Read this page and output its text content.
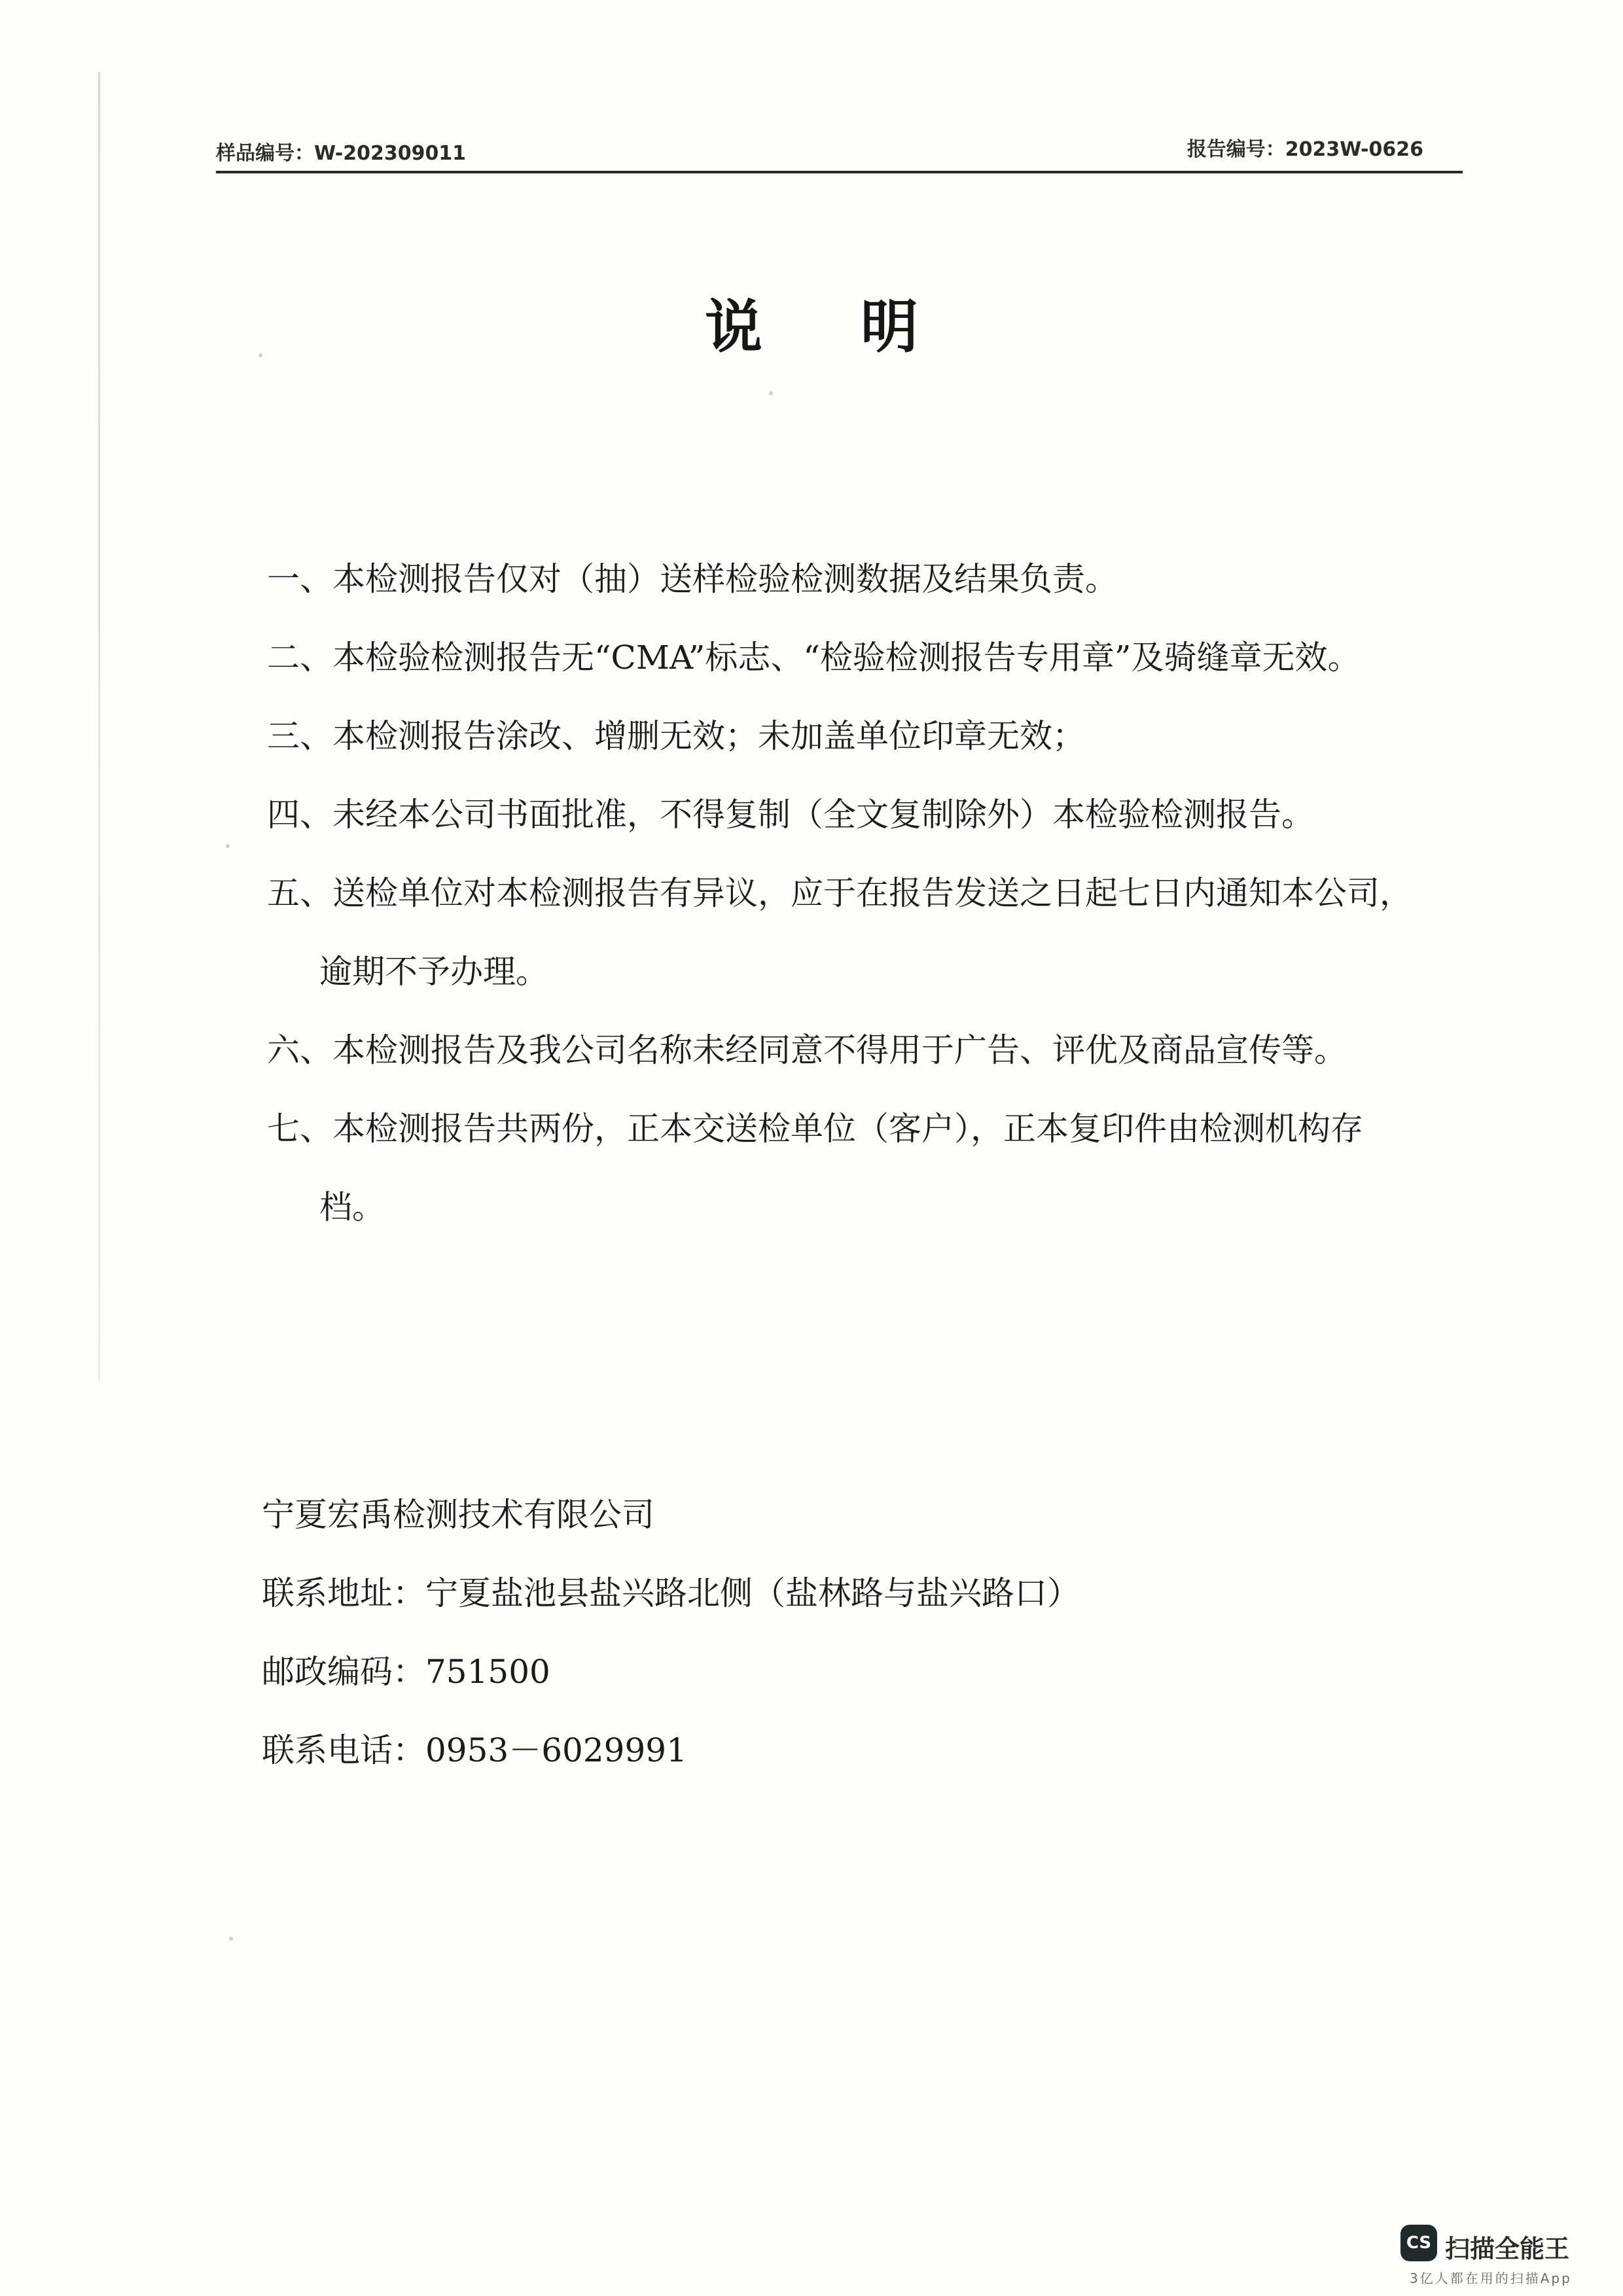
样品编号：W-202309011	报告编号：2023W-0626
说明
一、本检测报告仅对（抽）送样检验检测数据及结果负责。
二、本检验检测报告无“CMA”标志、“检验检测报告专用章”及骑缝章无效。
三、本检测报告涂改、增删无效；未加盖单位印章无效；
四、未经本公司书面批准，不得复制（全文复制除外）本检验检测报告。
五、送检单位对本检测报告有异议，应于在报告发送之日起七日内通知本公司，
逾期不予办理。
六、本检测报告及我公司名称未经同意不得用于广告、评优及商品宣传等。
七、本检测报告共两份，正本交送检单位（客户），正本复印件由检测机构存
档。
宁夏宏禹检测技术有限公司
联系地址：宁夏盐池县盐兴路北侧（盐林路与盐兴路口）
邮政编码：751500
联系电话：0953－6029991
CS 扫描全能王
3亿人都在用的扫描App
